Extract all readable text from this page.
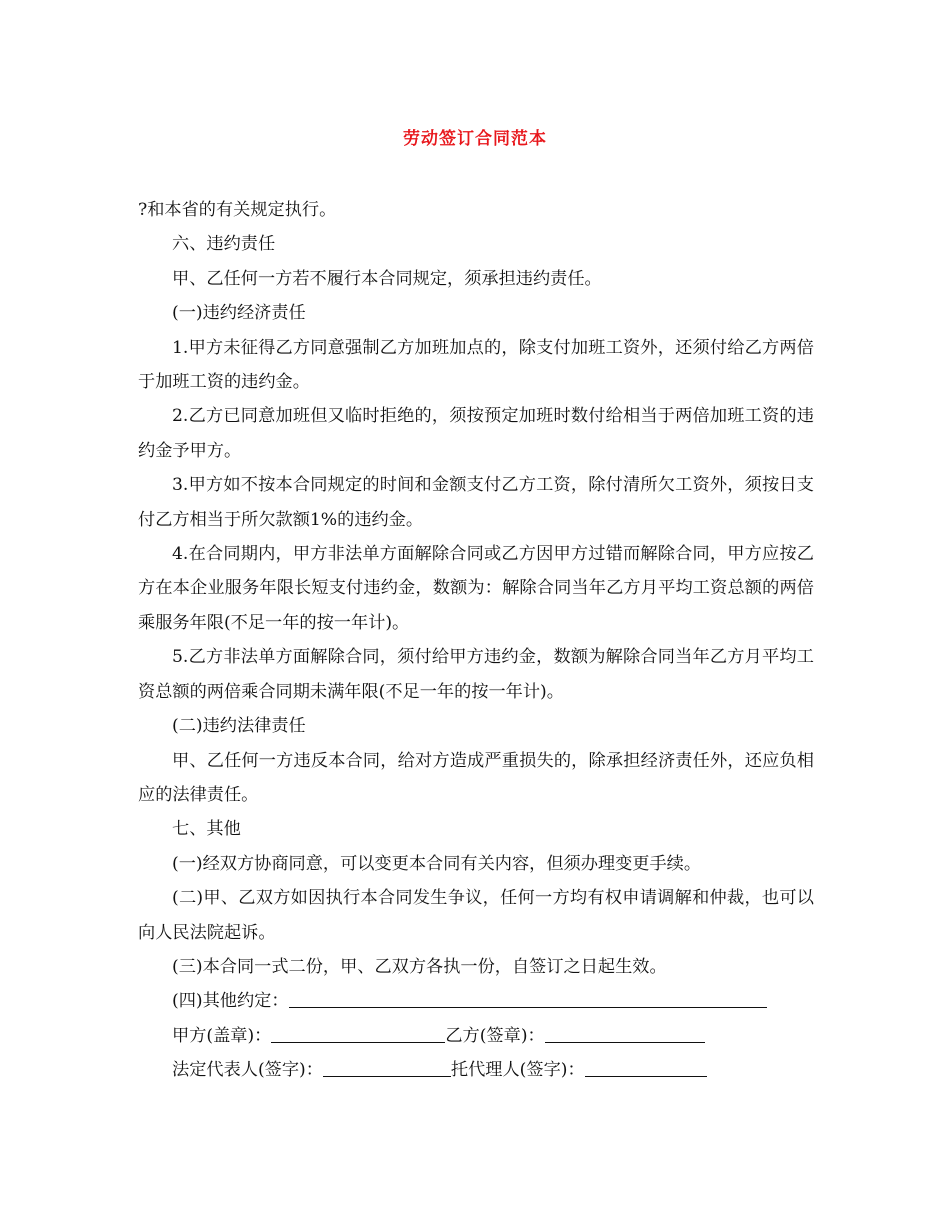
劳动签订合同范本

?和本省的有关规定执行。

六、违约责任

甲、乙任何一方若不履行本合同规定，须承担违约责任。

(一)违约经济责任

1.甲方未征得乙方同意强制乙方加班加点的，除支付加班工资外，还须付给乙方两倍于加班工资的违约金。

2.乙方已同意加班但又临时拒绝的，须按预定加班时数付给相当于两倍加班工资的违约金予甲方。

3.甲方如不按本合同规定的时间和金额支付乙方工资，除付清所欠工资外，须按日支付乙方相当于所欠款额1%的违约金。

4.在合同期内，甲方非法单方面解除合同或乙方因甲方过错而解除合同，甲方应按乙方在本企业服务年限长短支付违约金，数额为：解除合同当年乙方月平均工资总额的两倍乘服务年限(不足一年的按一年计)。

5.乙方非法单方面解除合同，须付给甲方违约金，数额为解除合同当年乙方月平均工资总额的两倍乘合同期未满年限(不足一年的按一年计)。

(二)违约法律责任

甲、乙任何一方违反本合同，给对方造成严重损失的，除承担经济责任外，还应负相应的法律责任。

七、其他

(一)经双方协商同意，可以变更本合同有关内容，但须办理变更手续。

(二)甲、乙双方如因执行本合同发生争议，任何一方均有权申请调解和仲裁，也可以向人民法院起诉。

(三)本合同一式二份，甲、乙双方各执一份，自签订之日起生效。

(四)其他约定：

甲方(盖章)：	乙方(签章)：

法定代表人(签字)：	托代理人(签字)：
